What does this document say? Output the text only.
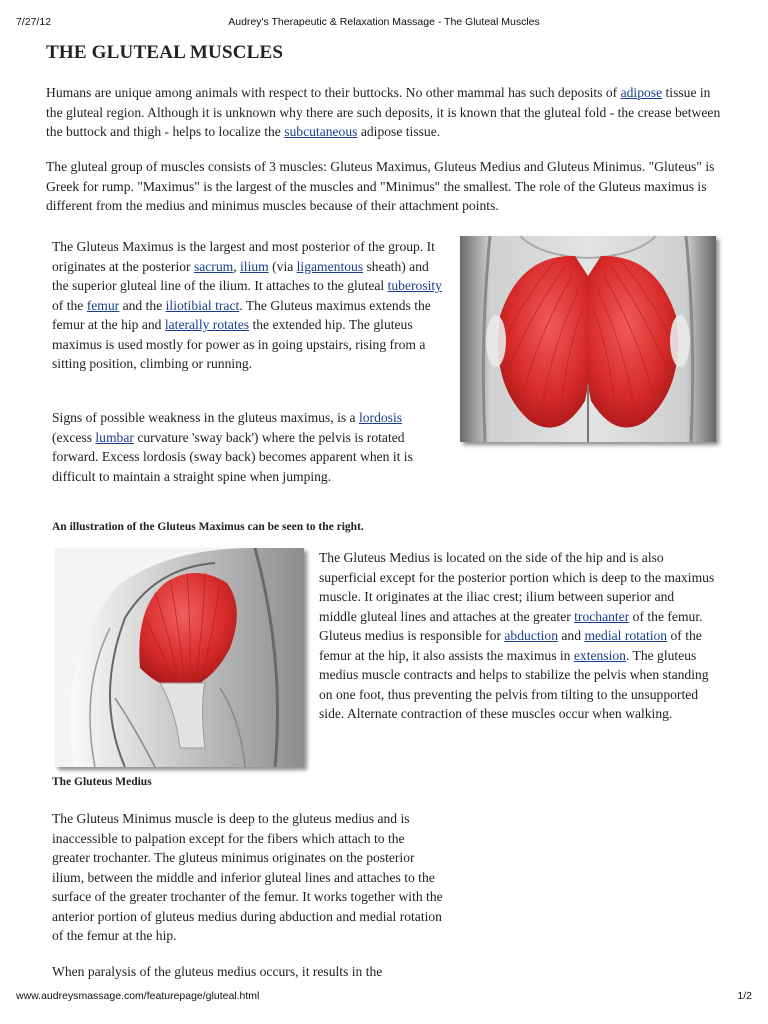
7/27/12	Audrey's Therapeutic & Relaxation Massage - The Gluteal Muscles
THE GLUTEAL MUSCLES

Humans are unique among animals with respect to their buttocks. No other mammal has such deposits of adipose tissue in the gluteal region. Although it is unknown why there are such deposits, it is known that the gluteal fold - the crease between the buttock and thigh - helps to localize the subcutaneous adipose tissue.

The gluteal group of muscles consists of 3 muscles: Gluteus Maximus, Gluteus Medius and Gluteus Minimus. "Gluteus" is Greek for rump. "Maximus" is the largest of the muscles and "Minimus" the smallest. The role of the Gluteus maximus is different from the medius and minimus muscles because of their attachment points.

The Gluteus Maximus is the largest and most posterior of the group. It originates at the posterior sacrum, ilium (via ligamentous sheath) and the superior gluteal line of the ilium. It attaches to the gluteal tuberosity of the femur and the iliotibial tract. The Gluteus maximus extends the femur at the hip and laterally rotates the extended hip. The gluteus maximus is used mostly for power as in going upstairs, rising from a sitting position, climbing or running.

Signs of possible weakness in the gluteus maximus, is a lordosis (excess lumbar curvature 'sway back') where the pelvis is rotated forward. Excess lordosis (sway back) becomes apparent when it is difficult to maintain a straight spine when jumping.

An illustration of the Gluteus Maximus can be seen to the right.

The Gluteus Medius is located on the side of the hip and is also superficial except for the posterior portion which is deep to the maximus muscle. It originates at the iliac crest; ilium between superior and middle gluteal lines and attaches at the greater trochanter of the femur. Gluteus medius is responsible for abduction and medial rotation of the femur at the hip, it also assists the maximus in extension. The gluteus medius muscle contracts and helps to stabilize the pelvis when standing on one foot, thus preventing the pelvis from tilting to the unsupported side. Alternate contraction of these muscles occur when walking.

The Gluteus Medius

The Gluteus Minimus muscle is deep to the gluteus medius and is inaccessible to palpation except for the fibers which attach to the greater trochanter. The gluteus minimus originates on the posterior ilium, between the middle and inferior gluteal lines and attaches to the surface of the greater trochanter of the femur. It works together with the anterior portion of gluteus medius during abduction and medial rotation of the femur at the hip.

When paralysis of the gluteus medius occurs, it results in the

www.audreysmassage.com/featurepage/gluteal.html	1/2
